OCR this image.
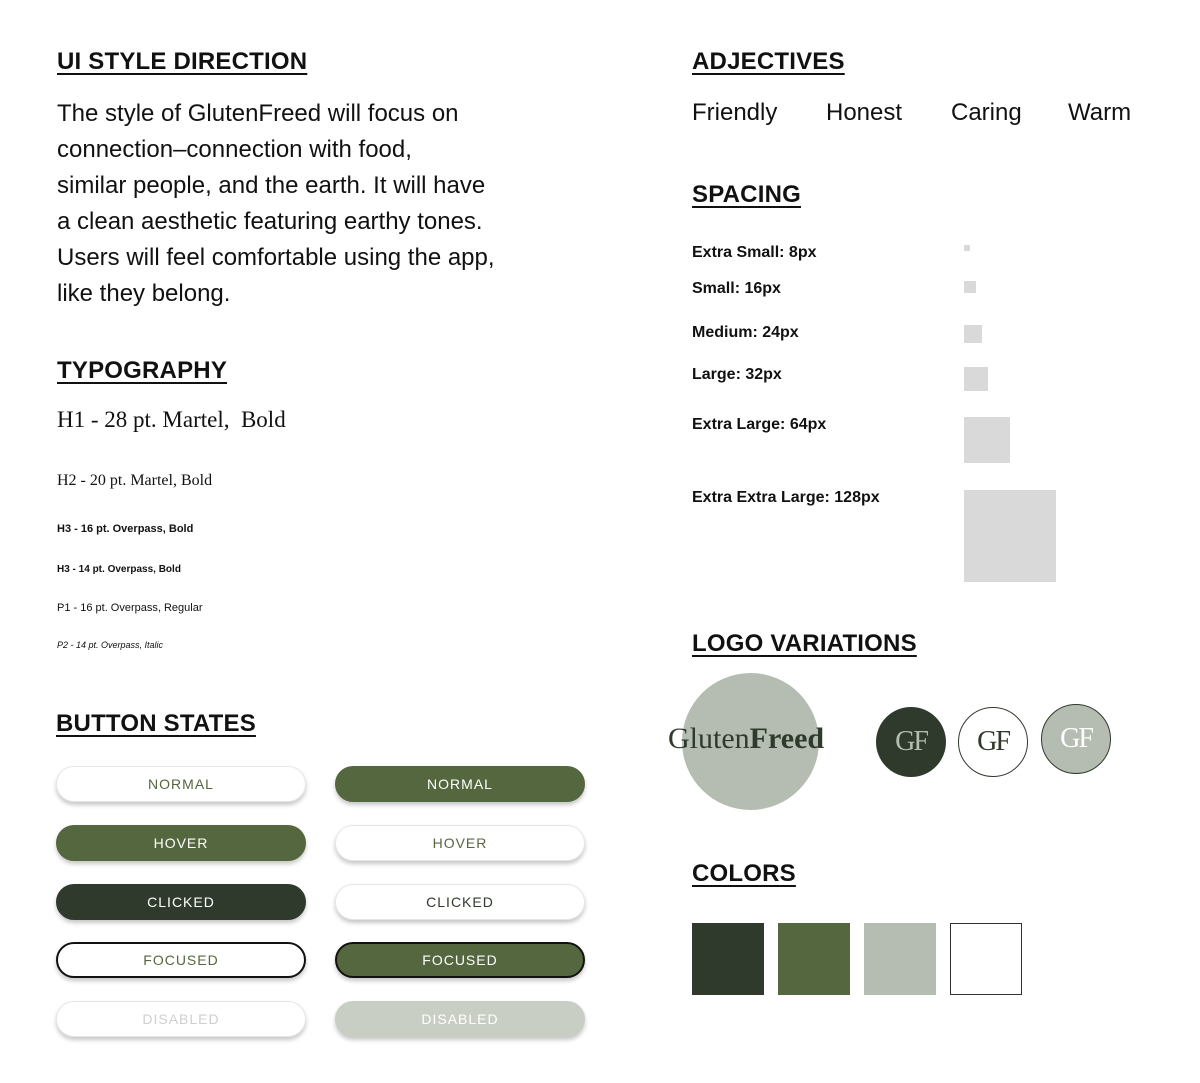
UI STYLE DIRECTION
The style of GlutenFreed will focus on
connection–connection with food,
similar people, and the earth. It will have
a clean aesthetic featuring earthy tones.
Users will feel comfortable using the app,
like they belong.
TYPOGRAPHY
H1 - 28 pt. Martel,  Bold
H2 - 20 pt. Martel, Bold
H3 - 16 pt. Overpass, Bold
H3 - 14 pt. Overpass, Bold
P1 - 16 pt. Overpass, Regular
P2 - 14 pt. Overpass, Italic
BUTTON STATES
NORMAL
HOVER
CLICKED
FOCUSED
DISABLED
NORMAL
HOVER
CLICKED
FOCUSED
DISABLED
ADJECTIVES
Friendly Honest Caring Warm
SPACING
Extra Small: 8px
Small: 16px
Medium: 24px
Large: 32px
Extra Large: 64px
Extra Extra Large: 128px
LOGO VARIATIONS
GlutenFreed	GF	GF	GF
COLORS
